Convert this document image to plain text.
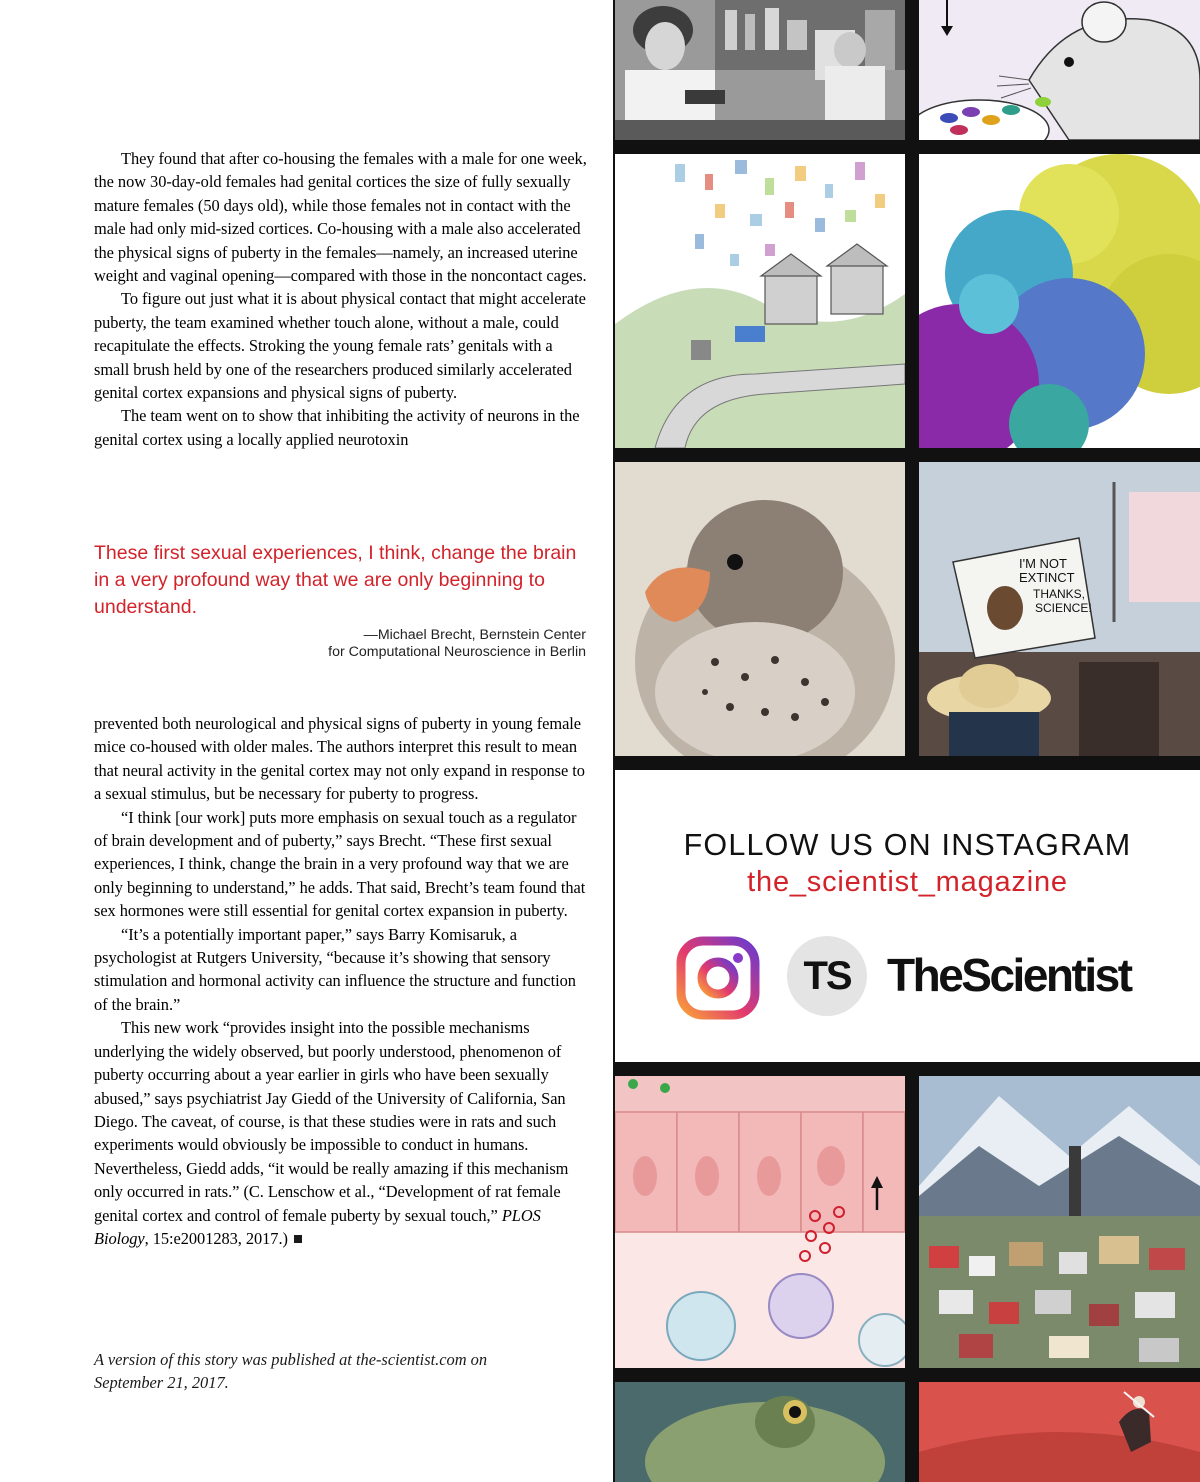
They found that after co-housing the females with a male for one week, the now 30-day-old females had genital cortices the size of fully sexually mature females (50 days old), while those females not in contact with the male had only mid-sized cortices. Co-housing with a male also accelerated the physical signs of puberty in the females—namely, an increased uterine weight and vaginal opening—compared with those in the noncontact cages.

To figure out just what it is about physical contact that might accelerate puberty, the team examined whether touch alone, without a male, could recapitulate the effects. Stroking the young female rats’ genitals with a small brush held by one of the researchers produced similarly accelerated genital cortex expansions and physical signs of puberty.

The team went on to show that inhibiting the activity of neurons in the genital cortex using a locally applied neurotoxin

These first sexual experiences, I think, change the brain in a very profound way that we are only beginning to understand.

—Michael Brecht, Bernstein Center
for Computational Neuroscience in Berlin

prevented both neurological and physical signs of puberty in young female mice co-housed with older males. The authors interpret this result to mean that neural activity in the genital cortex may not only expand in response to a sexual stimulus, but be necessary for puberty to progress.

“I think [our work] puts more emphasis on sexual touch as a regulator of brain development and of puberty,” says Brecht. “These first sexual experiences, I think, change the brain in a very profound way that we are only beginning to understand,” he adds. That said, Brecht’s team found that sex hormones were still essential for genital cortex expansion in puberty.

“It’s a potentially important paper,” says Barry Komisaruk, a psychologist at Rutgers University, “because it’s showing that sensory stimulation and hormonal activity can influence the structure and function of the brain.”

This new work “provides insight into the possible mechanisms underlying the widely observed, but poorly understood, phenomenon of puberty occurring about a year earlier in girls who have been sexually abused,” says psychiatrist Jay Giedd of the University of California, San Diego. The caveat, of course, is that these studies were in rats and such experiments would obviously be impossible to conduct in humans. Nevertheless, Giedd adds, “it would be really amazing if this mechanism only occurred in rats.” (C. Lenschow et al., “Development of rat female genital cortex and control of female puberty by sexual touch,” PLOS Biology, 15:e2001283, 2017.)

A version of this story was published at the-scientist.com on
September 21, 2017.

I'M NOT
EXTINCT
THANKS,
SCIENCE!

FOLLOW US ON INSTAGRAM

the_scientist_magazine

TS TheScientist
